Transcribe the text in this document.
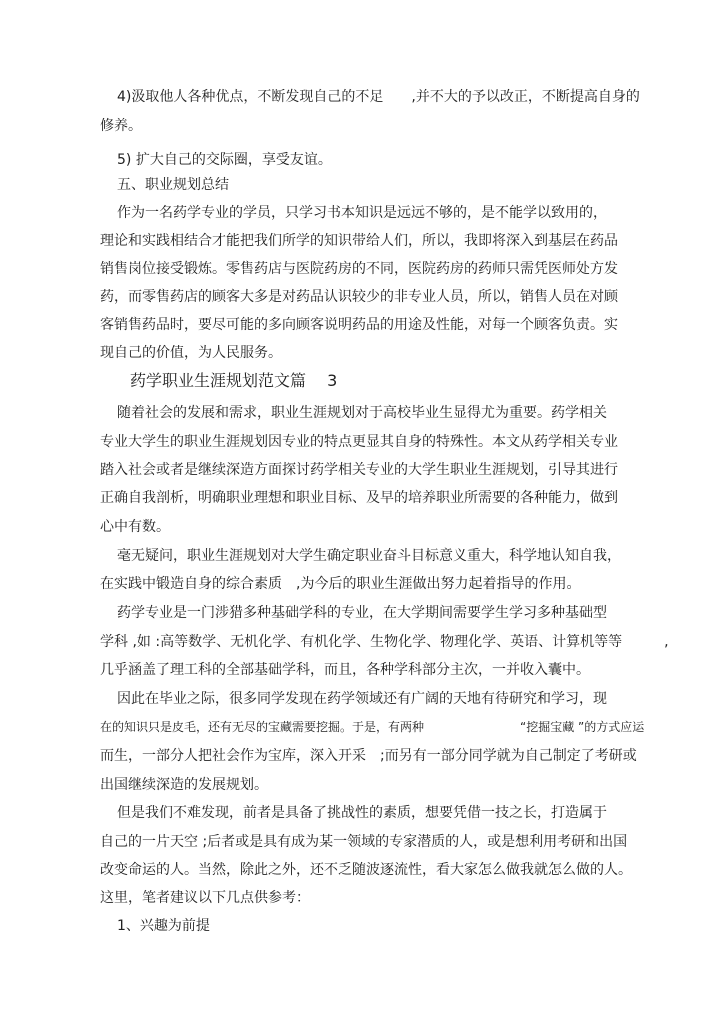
4)汲取他人各种优点，不断发现自己的不足　　,并不大的予以改正，不断提高自身的
修养。
5) 扩大自己的交际圈，享受友谊。
五、职业规划总结
作为一名药学专业的学员，只学习书本知识是远远不够的，是不能学以致用的，
理论和实践相结合才能把我们所学的知识带给人们，所以，我即将深入到基层在药品
销售岗位接受锻炼。零售药店与医院药房的不同，医院药房的药师只需凭医师处方发
药，而零售药店的顾客大多是对药品认识较少的非专业人员，所以，销售人员在对顾
客销售药品时，要尽可能的多向顾客说明药品的用途及性能，对每一个顾客负责。实
现自己的价值，为人民服务。
药学职业生涯规划范文篇　 3
随着社会的发展和需求，职业生涯规划对于高校毕业生显得尤为重要。药学相关
专业大学生的职业生涯规划因专业的特点更显其自身的特殊性。本文从药学相关专业
踏入社会或者是继续深造方面探讨药学相关专业的大学生职业生涯规划，引导其进行
正确自我剖析，明确职业理想和职业目标、及早的培养职业所需要的各种能力，做到
心中有数。
毫无疑问，职业生涯规划对大学生确定职业奋斗目标意义重大，科学地认知自我，
在实践中锻造自身的综合素质　,为今后的职业生涯做出努力起着指导的作用。
药学专业是一门涉猎多种基础学科的专业，在大学期间需要学生学习多种基础型
学科 ,如 :高等数学、无机化学、有机化学、生物化学、物理化学、英语、计算机等等　　　,
几乎涵盖了理工科的全部基础学科，而且，各种学科部分主次，一并收入囊中。
因此在毕业之际，很多同学发现在药学领域还有广阔的天地有待研究和学习，现
在的知识只是皮毛，还有无尽的宝藏需要挖掘。于是，有两种　　　　　　　　“挖掘宝藏 ”的方式应运
而生，一部分人把社会作为宝库，深入开采　;而另有一部分同学就为自己制定了考研或
出国继续深造的发展规划。
但是我们不难发现，前者是具备了挑战性的素质，想要凭借一技之长，打造属于
自己的一片天空 ;后者或是具有成为某一领域的专家潜质的人，或是想利用考研和出国
改变命运的人。当然，除此之外，还不乏随波逐流性，看大家怎么做我就怎么做的人。
这里，笔者建议以下几点供参考：
1、兴趣为前提
